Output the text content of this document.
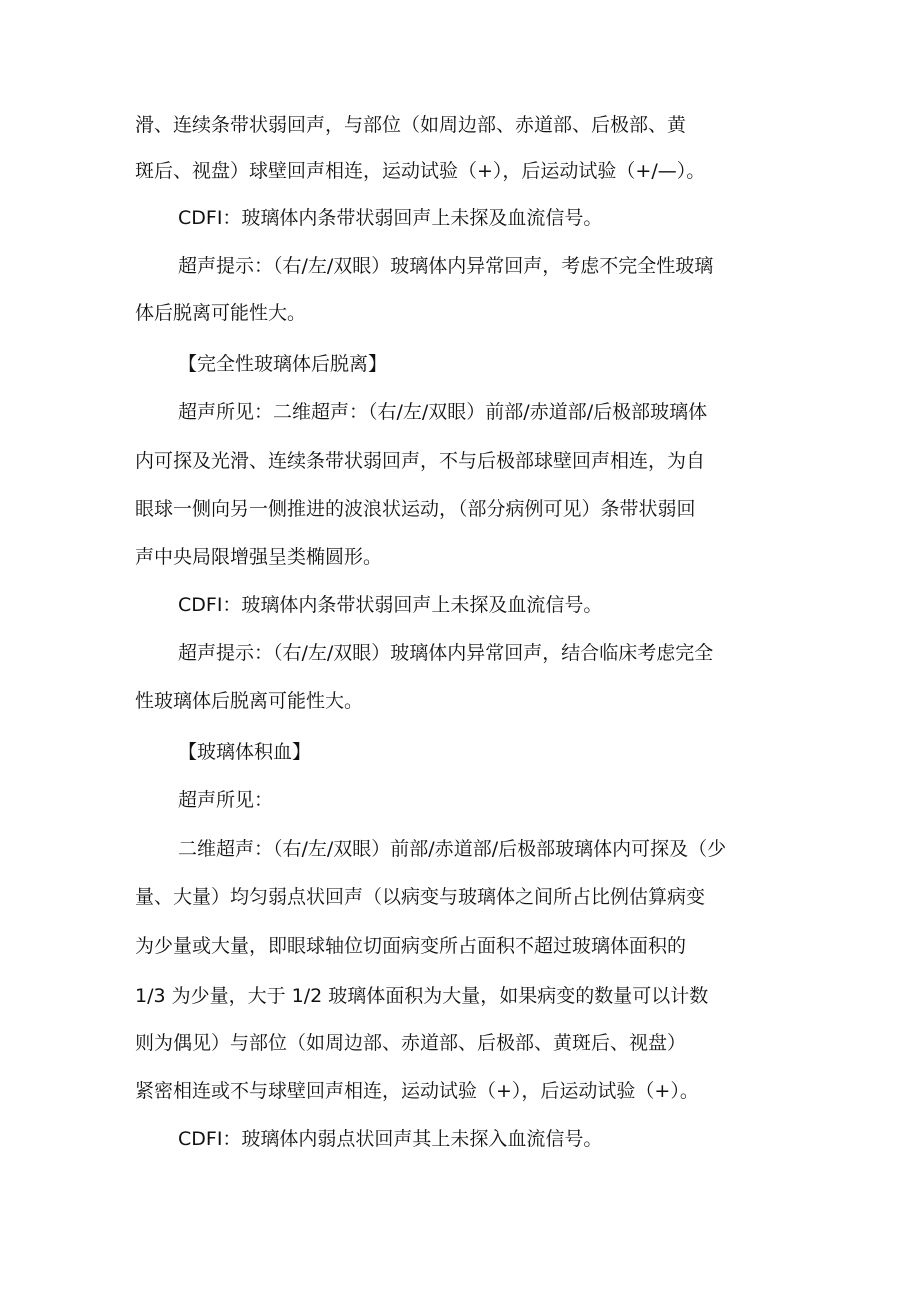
滑、连续条带状弱回声，与部位（如周边部、赤道部、后极部、黄

斑后、视盘）球壁回声相连，运动试验（+），后运动试验（+/—）。

CDFI：玻璃体内条带状弱回声上未探及血流信号。

超声提示：（右/左/双眼）玻璃体内异常回声，考虑不完全性玻璃

体后脱离可能性大。

【完全性玻璃体后脱离】

超声所见：二维超声：（右/左/双眼）前部/赤道部/后极部玻璃体

内可探及光滑、连续条带状弱回声，不与后极部球壁回声相连，为自

眼球一侧向另一侧推进的波浪状运动，（部分病例可见）条带状弱回

声中央局限增强呈类椭圆形。

CDFI：玻璃体内条带状弱回声上未探及血流信号。

超声提示：（右/左/双眼）玻璃体内异常回声，结合临床考虑完全

性玻璃体后脱离可能性大。

【玻璃体积血】

超声所见：

二维超声：（右/左/双眼）前部/赤道部/后极部玻璃体内可探及（少

量、大量）均匀弱点状回声（以病变与玻璃体之间所占比例估算病变

为少量或大量，即眼球轴位切面病变所占面积不超过玻璃体面积的

1/3 为少量，大于 1/2 玻璃体面积为大量，如果病变的数量可以计数

则为偶见）与部位（如周边部、赤道部、后极部、黄斑后、视盘）

紧密相连或不与球壁回声相连，运动试验（+），后运动试验（+）。

CDFI：玻璃体内弱点状回声其上未探入血流信号。
